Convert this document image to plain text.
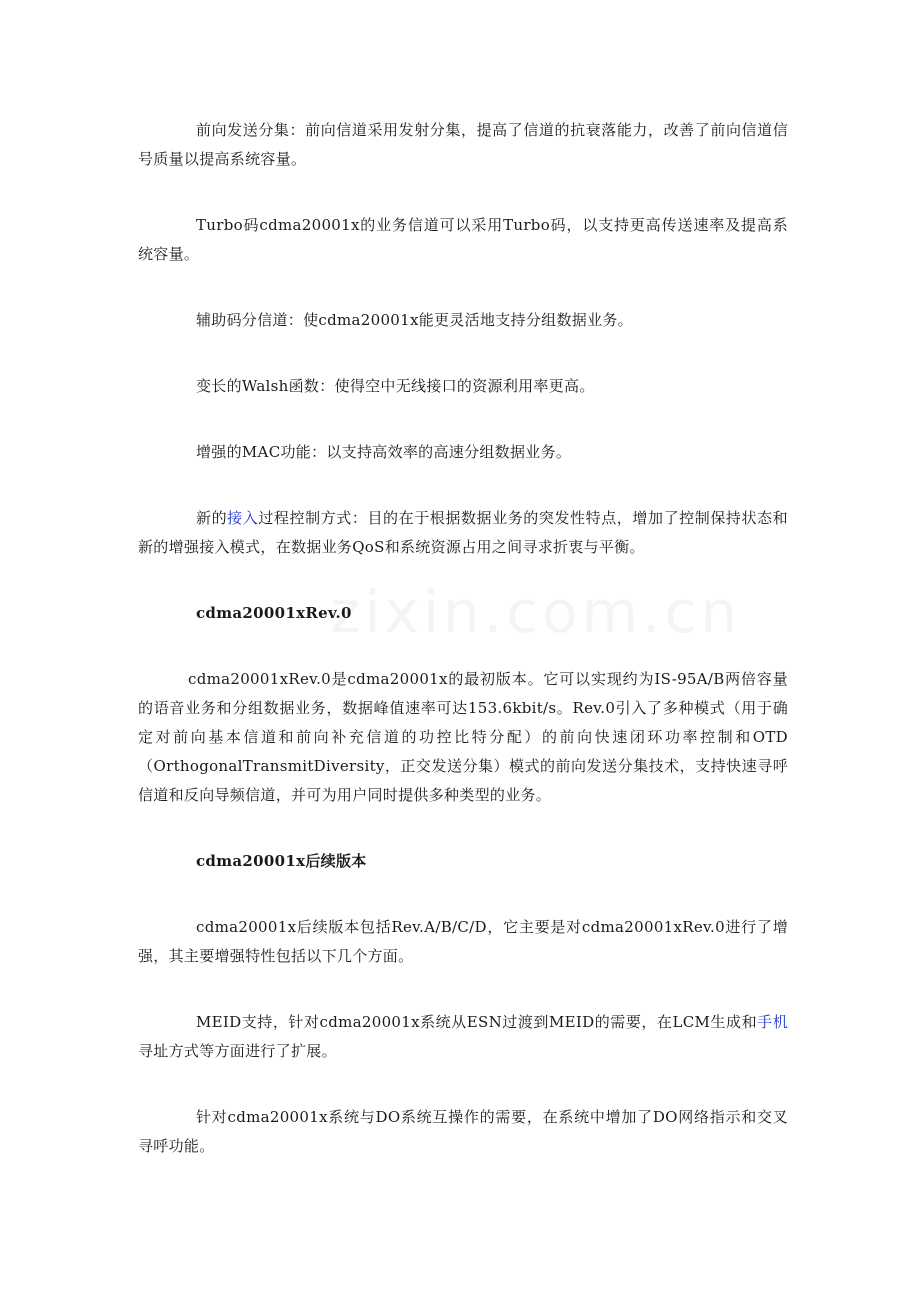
前向发送分集：前向信道采用发射分集，提高了信道的抗衰落能力，改善了前向信道信号质量以提高系统容量。

Turbo码cdma20001x的业务信道可以采用Turbo码，以支持更高传送速率及提高系统容量。

辅助码分信道：使cdma20001x能更灵活地支持分组数据业务。

变长的Walsh函数：使得空中无线接口的资源利用率更高。

增强的MAC功能：以支持高效率的高速分组数据业务。

新的接入过程控制方式：目的在于根据数据业务的突发性特点，增加了控制保持状态和新的增强接入模式，在数据业务QoS和系统资源占用之间寻求折衷与平衡。

cdma20001xRev.0

cdma20001xRev.0是cdma20001x的最初版本。它可以实现约为IS-95A/B两倍容量的语音业务和分组数据业务，数据峰值速率可达153.6kbit/s。Rev.0引入了多种模式（用于确定对前向基本信道和前向补充信道的功控比特分配）的前向快速闭环功率控制和OTD（OrthogonalTransmitDiversity，正交发送分集）模式的前向发送分集技术，支持快速寻呼信道和反向导频信道，并可为用户同时提供多种类型的业务。

cdma20001x后续版本

cdma20001x后续版本包括Rev.A/B/C/D，它主要是对cdma20001xRev.0进行了增强，其主要增强特性包括以下几个方面。

MEID支持，针对cdma20001x系统从ESN过渡到MEID的需要，在LCM生成和手机寻址方式等方面进行了扩展。

针对cdma20001x系统与DO系统互操作的需要，在系统中增加了DO网络指示和交叉寻呼功能。
